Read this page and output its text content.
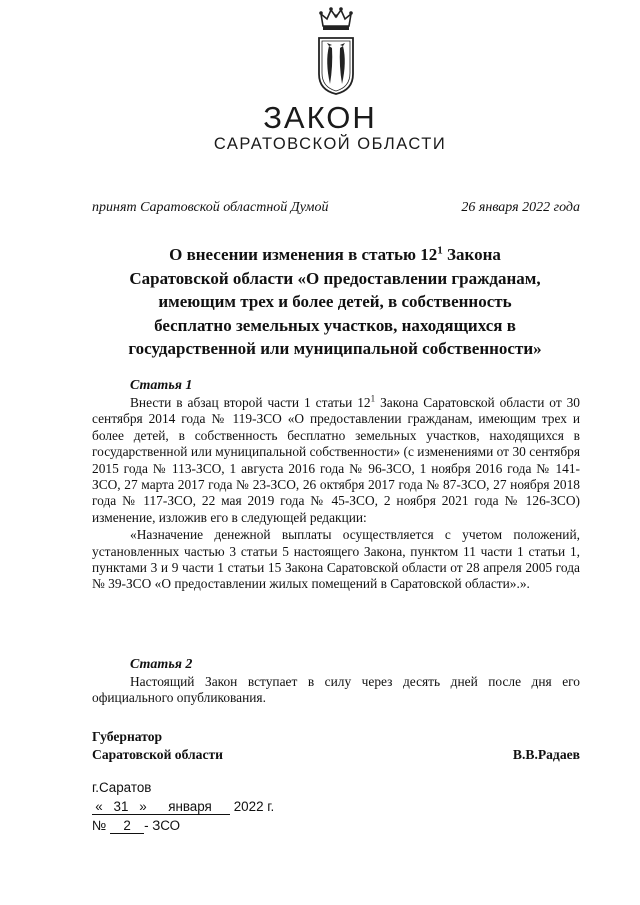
ЗАКОН
САРАТОВСКОЙ ОБЛАСТИ
принят Саратовской областной Думой	26 января 2022 года
О внесении изменения в статью $12^1$ Закона
Саратовской области «О предоставлении гражданам,
имеющим трех и более детей, в собственность
бесплатно земельных участков, находящихся в
государственной или муниципальной собственности»
Статья 1

Внести в абзац второй части 1 статьи $12^1$ Закона Саратовской области от 30 сентября 2014 года № 119-ЗСО «О предоставлении гражданам, имеющим трех и более детей, в собственность бесплатно земельных участков, находящихся в государственной или муниципальной собственности» (с изменениями от 30 сентября 2015 года № 113-ЗСО, 1 августа 2016 года № 96-ЗСО, 1 ноября 2016 года № 141-ЗСО, 27 марта 2017 года № 23-ЗСО, 26 октября 2017 года № 87-ЗСО, 27 ноября 2018 года № 117-ЗСО, 22 мая 2019 года № 45-ЗСО, 2 ноября 2021 года № 126-ЗСО) изменение, изложив его в следующей редакции:

«Назначение денежной выплаты осуществляется с учетом положений, установленных частью 3 статьи 5 настоящего Закона, пунктом 11 части 1 статьи 1, пунктами 3 и 9 части 1 статьи 15 Закона Саратовской области от 28 апреля 2005 года № 39-ЗСО «О предоставлении жилых помещений в Саратовской области».».

Статья 2

Настоящий Закон вступает в силу через десять дней после дня его официального опубликования.

Губернатор
Саратовской области	В.В.Радаев
г.Саратов
« 31 » января 2022 г.
№ 2 - ЗСО
